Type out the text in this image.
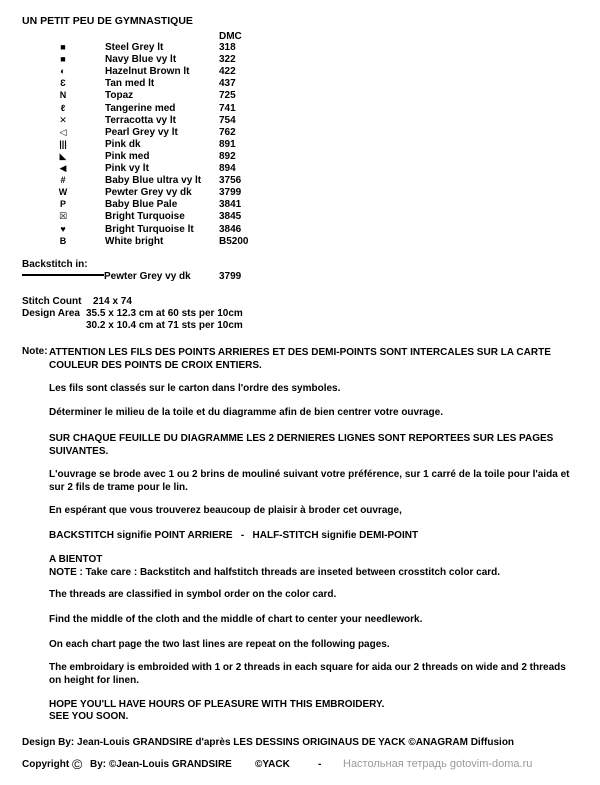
UN PETIT PEU DE GYMNASTIQUE
DMC
■	Steel Grey lt	318
■	Navy Blue vy lt	322
◐	Hazelnut Brown lt	422
Ɛ	Tan med lt	437
N	Topaz	725
ℓ	Tangerine med	741
✕	Terracotta vy lt	754
◁	Pearl Grey vy lt	762
|||	Pink dk	891
◣	Pink med	892
◀	Pink vy lt	894
#	Baby Blue ultra vy lt 3756
W	Pewter Grey vy dk	3799
P	Baby Blue Pale	3841
☒	Bright Turquoise	3845
♥	Bright Turquoise lt	3846
B	White bright	B5200
Backstitch in:
Pewter Grey vy dk	3799
Stitch Count 214 x 74
Design Area 35.5 x 12.3 cm at 60 sts per 10cm
30.2 x 10.4 cm at 71 sts per 10cm
Note: ATTENTION LES FILS DES POINTS ARRIERES ET DES DEMI-POINTS SONT INTERCALES SUR LA CARTE COULEUR DES POINTS DE CROIX ENTIERS.
Les fils sont classés sur le carton dans l'ordre des symboles.
Déterminer le milieu de la toile et du diagramme afin de bien centrer votre ouvrage.
SUR CHAQUE FEUILLE DU DIAGRAMME LES 2 DERNIERES LIGNES SONT REPORTEES SUR LES PAGES SUIVANTES.
L'ouvrage se brode avec 1 ou 2 brins de mouliné suivant votre préférence, sur 1 carré de la toile pour l'aida et sur 2 fils de trame pour le lin.
En espérant que vous trouverez beaucoup de plaisir à broder cet ouvrage,
BACKSTITCH signifie POINT ARRIERE   -   HALF-STITCH signifie DEMI-POINT
A BIENTOT
NOTE : Take care : Backstitch and halfstitch threads are inseted between crosstitch color card.
The threads are classified in symbol order on the color card.
Find the middle of the cloth and the middle of chart to center your needlework.
On each chart page the two last lines are repeat on the following pages.
The embroidary is embroided with 1 or 2 threads in each square for aida our 2 threads on wide and 2 threads on height for linen.
HOPE YOU'LL HAVE HOURS OF PLEASURE WITH THIS EMBROIDERY.
SEE YOU SOON.
Design By: Jean-Louis GRANDSIRE d'après LES DESSINS ORIGINAUS DE YACK ©ANAGRAM Diffusion
Copyright © By: ©Jean-Louis GRANDSIRE ©YACK	- Настольная тетрадь gotovim-doma.ru
